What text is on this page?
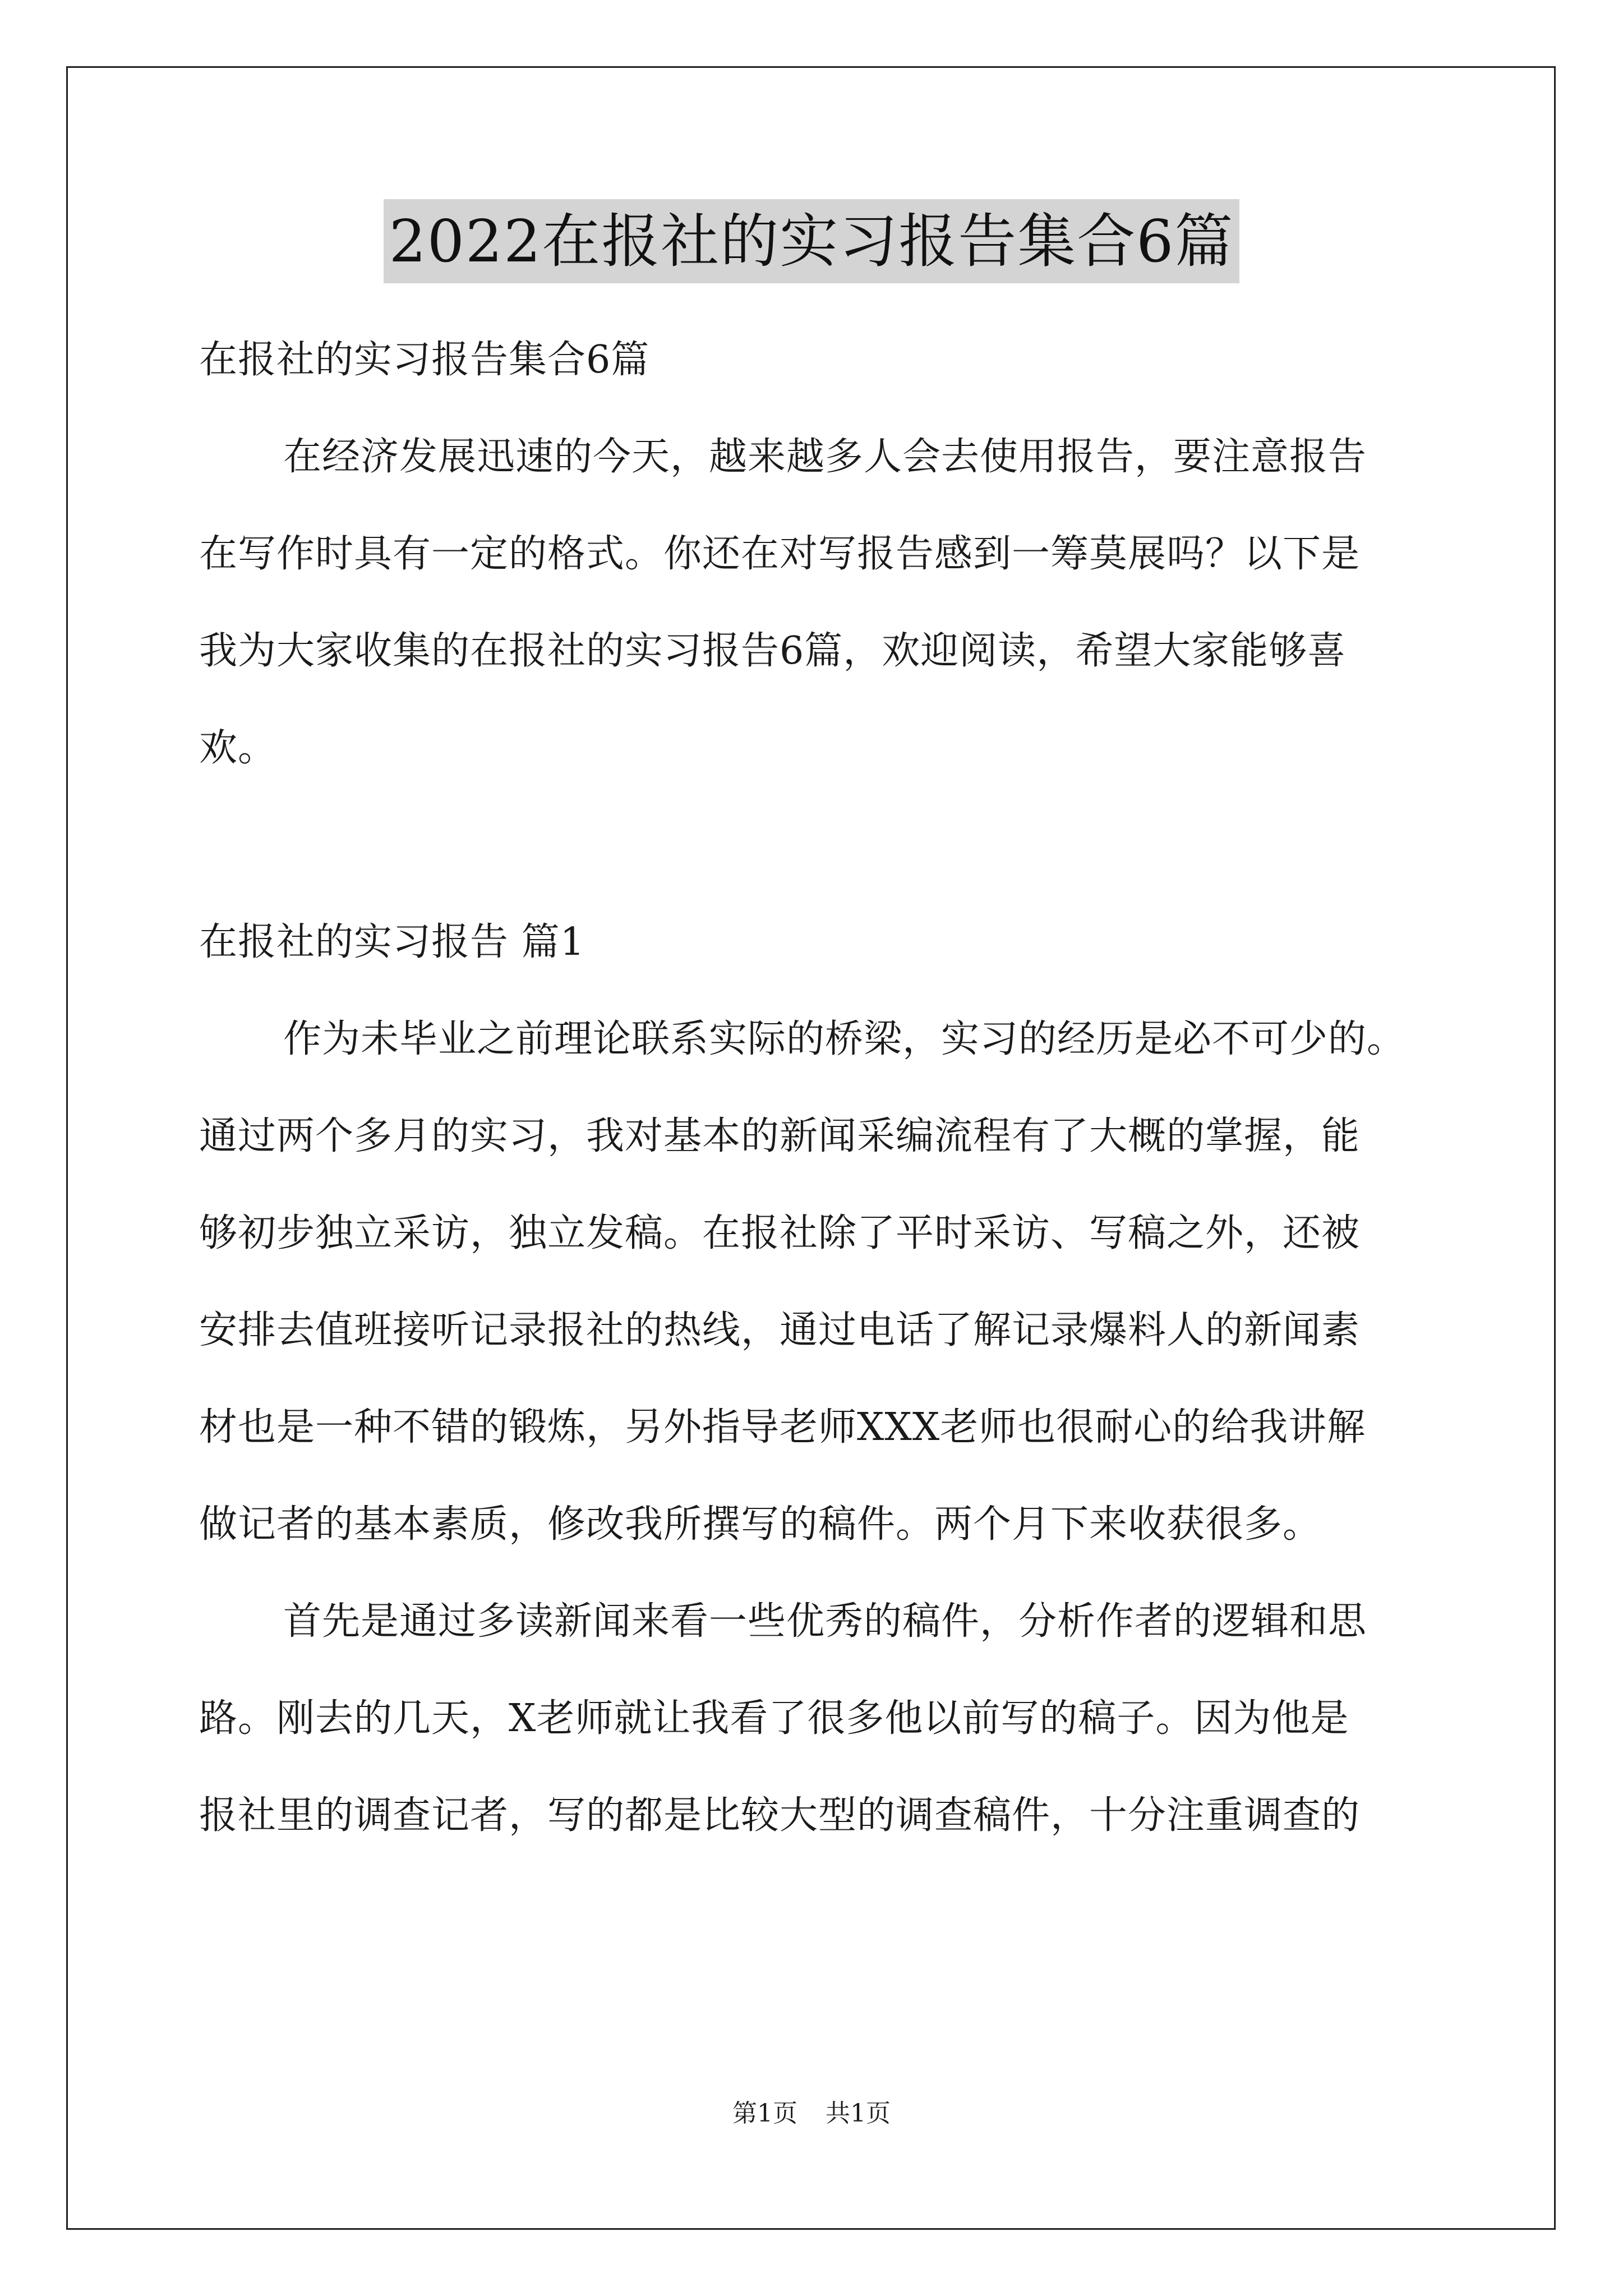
2022在报社的实习报告集合6篇
在报社的实习报告集合6篇
在经济发展迅速的今天，越来越多人会去使用报告，要注意报告
在写作时具有一定的格式。你还在对写报告感到一筹莫展吗？以下是
我为大家收集的在报社的实习报告6篇，欢迎阅读，希望大家能够喜
欢。
在报社的实习报告 篇1
作为未毕业之前理论联系实际的桥梁，实习的经历是必不可少的。
通过两个多月的实习，我对基本的新闻采编流程有了大概的掌握，能
够初步独立采访，独立发稿。在报社除了平时采访、写稿之外，还被
安排去值班接听记录报社的热线，通过电话了解记录爆料人的新闻素
材也是一种不错的锻炼，另外指导老师XXX老师也很耐心的给我讲解
做记者的基本素质，修改我所撰写的稿件。两个月下来收获很多。
首先是通过多读新闻来看一些优秀的稿件，分析作者的逻辑和思
路。刚去的几天，X老师就让我看了很多他以前写的稿子。因为他是
报社里的调查记者，写的都是比较大型的调查稿件，十分注重调查的
第1页 共1页
